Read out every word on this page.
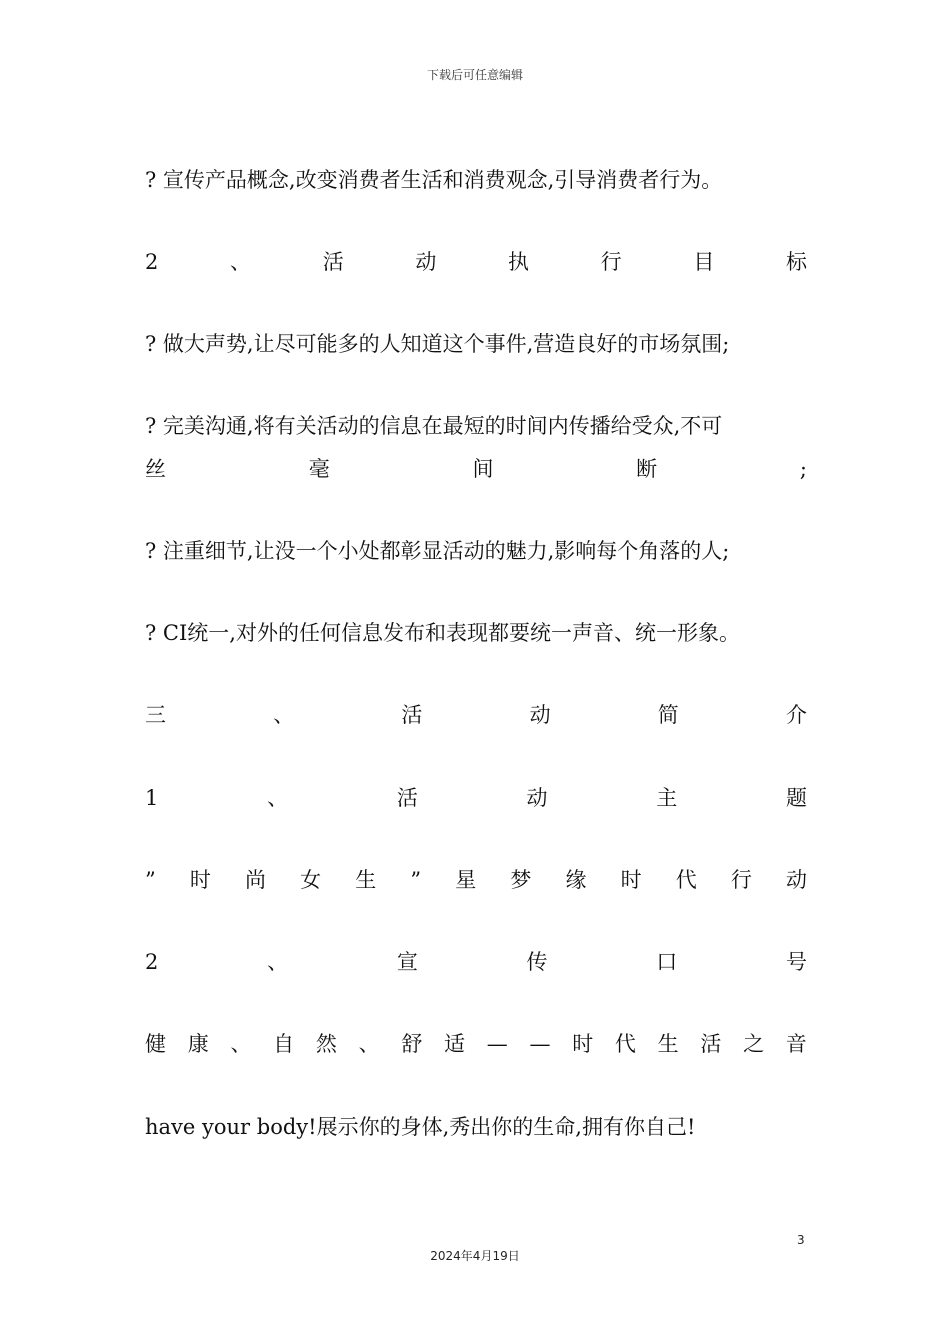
下载后可任意编辑
? 宣传产品概念,改变消费者生活和消费观念,引导消费者行为。
2	、	活	动	执	行	目	标
? 做大声势,让尽可能多的人知道这个事件,营造良好的市场氛围;
? 完美沟通,将有关活动的信息在最短的时间内传播给受众,不可
丝	毫	间	断	;
? 注重细节,让没一个小处都彰显活动的魅力,影响每个角落的人;
? CI统一,对外的任何信息发布和表现都要统一声音、统一形象。
三	、	活	动	简	介
1	、	活	动	主	题
” 时 尚 女 生 ” 星 梦 缘 时 代 行 动
2	、	宣	传	口	号
健 康 、 自 然 、 舒 适 — — 时 代 生 活 之 音
have your body!展示你的身体,秀出你的生命,拥有你自己!
3
2024年4月19日
